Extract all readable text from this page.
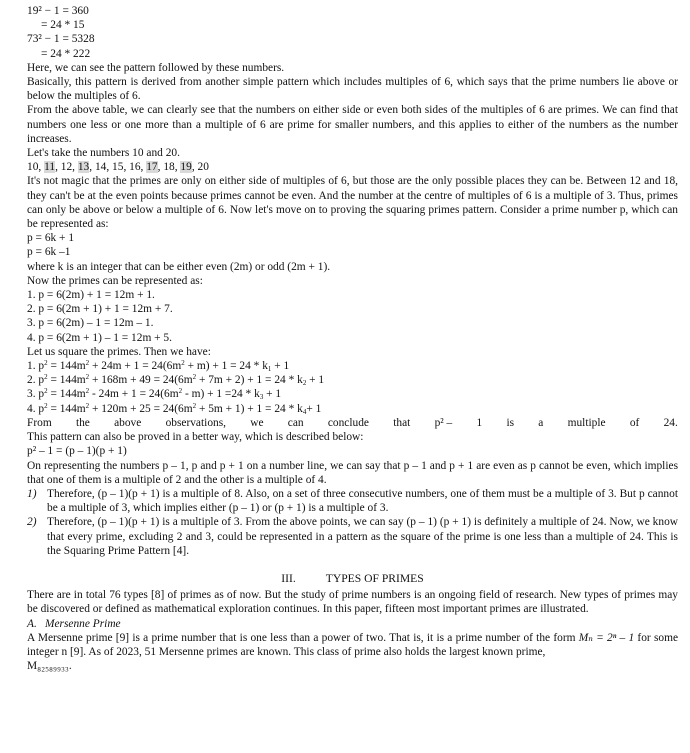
19² − 1 = 360
= 24 * 15
73² − 1 = 5328
= 24 * 222
Here, we can see the pattern followed by these numbers.
Basically, this pattern is derived from another simple pattern which includes multiples of 6, which says that the prime numbers lie above or below the multiples of 6.
From the above table, we can clearly see that the numbers on either side or even both sides of the multiples of 6 are primes. We can find that numbers one less or one more than a multiple of 6 are prime for smaller numbers, and this applies to either of the numbers as the number increases.
Let's take the numbers 10 and 20.
10, 11, 12, 13, 14, 15, 16, 17, 18, 19, 20
It's not magic that the primes are only on either side of multiples of 6, but those are the only possible places they can be. Between 12 and 18, they can't be at the even points because primes cannot be even. And the number at the centre of multiples of 6 is a multiple of 3. Thus, primes can only be above or below a multiple of 6. Now let's move on to proving the squaring primes pattern. Consider a prime number p, which can be represented as:
p = 6k + 1
p = 6k –1
where k is an integer that can be either even (2m) or odd (2m + 1).
Now the primes can be represented as:
1. p = 6(2m) + 1 = 12m + 1.
2. p = 6(2m + 1) + 1 = 12m + 7.
3. p = 6(2m) – 1 = 12m – 1.
4. p = 6(2m + 1) – 1 = 12m + 5.
Let us square the primes. Then we have:
1. $p^2 = 144m^2 + 24m + 1 = 24(6m^2 + m) + 1 = 24 * k_1 + 1$
2. $p^2 = 144m^2 + 168m + 49 = 24(6m^2 + 7m + 2) + 1 = 24 * k_2 + 1$
3. $p^2 = 144m^2 - 24m + 1 = 24(6m^2 - m) + 1 =24 * k_3 + 1$
4. $p^2 = 144m^2 + 120m + 25 = 24(6m^2 + 5m + 1) + 1 = 24 * k_4+ 1$
From the above observations, we can conclude that p² – 1 is a multiple of 24.
This pattern can also be proved in a better way, which is described below:
p² – 1 = (p – 1)(p + 1)
On representing the numbers p – 1, p and p + 1 on a number line, we can say that p – 1 and p + 1 are even as p cannot be even, which implies that one of them is a multiple of 2 and the other is a multiple of 4.
1) Therefore, (p – 1)(p + 1) is a multiple of 8. Also, on a set of three consecutive numbers, one of them must be a multiple of 3. But p cannot be a multiple of 3, which implies either (p – 1) or (p + 1) is a multiple of 3.
2) Therefore, (p – 1)(p + 1) is a multiple of 3. From the above points, we can say (p – 1) (p + 1) is definitely a multiple of 24. Now, we know that every prime, excluding 2 and 3, could be represented in a pattern as the square of the prime is one less than a multiple of 24. This is the Squaring Prime Pattern [4].
III.	TYPES OF PRIMES
There are in total 76 types [8] of primes as of now. But the study of prime numbers is an ongoing field of research. New types of primes may be discovered or defined as mathematical exploration continues. In this paper, fifteen most important primes are illustrated.
A. Mersenne Prime
A Mersenne prime [9] is a prime number that is one less than a power of two. That is, it is a prime number of the form Mₙ = 2ⁿ – 1 for some integer n [9]. As of 2023, 51 Mersenne primes are known. This class of prime also holds the largest known prime,
M₈₂₅₈₉₉₃₃.
